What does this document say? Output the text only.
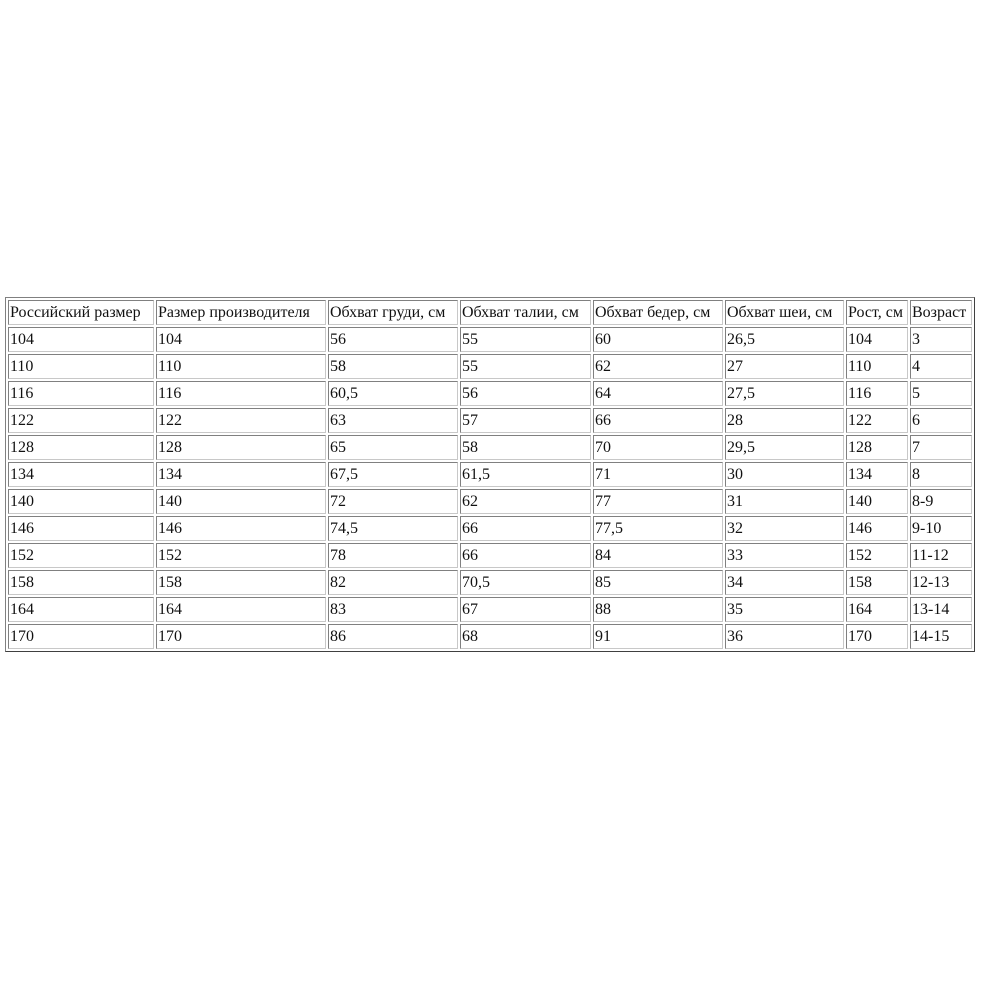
Российский размер	Размер производителя	Обхват груди, см	Обхват талии, см	Обхват бедер, см	Обхват шеи, см	Рост, см	Возраст
104	104	56	55	60	26,5	104	3
110	110	58	55	62	27	110	4
116	116	60,5	56	64	27,5	116	5
122	122	63	57	66	28	122	6
128	128	65	58	70	29,5	128	7
134	134	67,5	61,5	71	30	134	8
140	140	72	62	77	31	140	8-9
146	146	74,5	66	77,5	32	146	9-10
152	152	78	66	84	33	152	11-12
158	158	82	70,5	85	34	158	12-13
164	164	83	67	88	35	164	13-14
170	170	86	68	91	36	170	14-15
